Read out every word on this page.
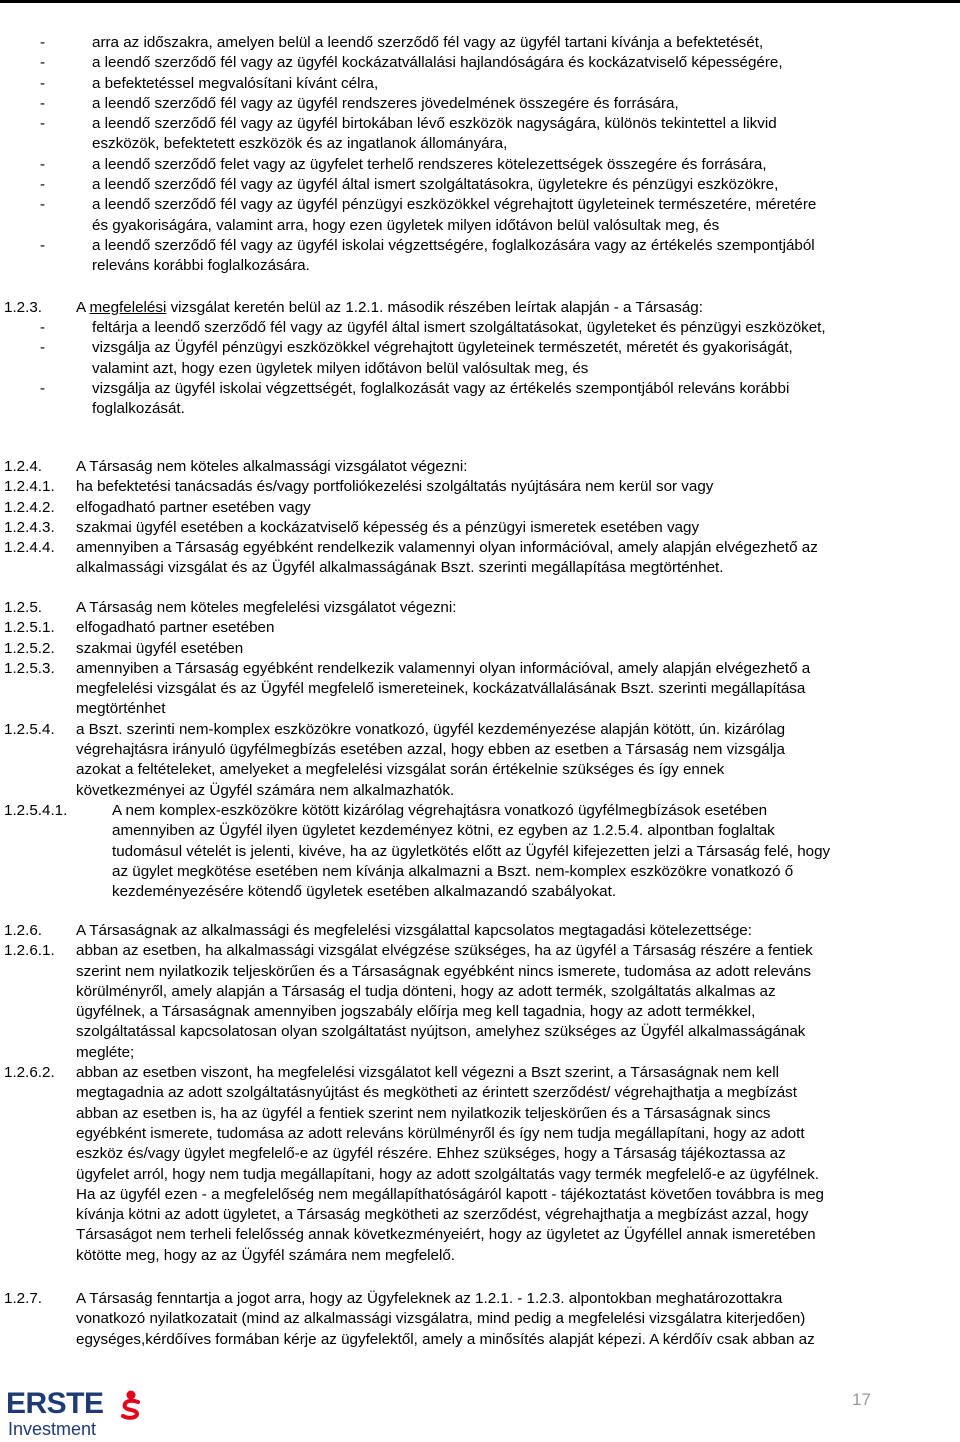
-	arra az időszakra, amelyen belül a leendő szerződő fél vagy az ügyfél tartani kívánja a befektetését,
-	a leendő szerződő fél vagy az ügyfél kockázatvállalási hajlandóságára és kockázatviselő képességére,
-	a befektetéssel megvalósítani kívánt célra,
-	a leendő szerződő fél vagy az ügyfél rendszeres jövedelmének összegére és forrására,
-	a leendő szerződő fél vagy az ügyfél birtokában lévő eszközök nagyságára, különös tekintettel a likvid
eszközök, befektetett eszközök és az ingatlanok állományára,
-	a leendő szerződő felet vagy az ügyfelet terhelő rendszeres kötelezettségek összegére és forrására,
-	a leendő szerződő fél vagy az ügyfél által ismert szolgáltatásokra, ügyletekre és pénzügyi eszközökre,
-	a leendő szerződő fél vagy az ügyfél pénzügyi eszközökkel végrehajtott ügyleteinek természetére, méretére
és gyakoriságára, valamint arra, hogy ezen ügyletek milyen időtávon belül valósultak meg, és
-	a leendő szerződő fél vagy az ügyfél iskolai végzettségére, foglalkozására vagy az értékelés szempontjából
releváns korábbi foglalkozására.
1.2.3.	A megfelelési vizsgálat keretén belül az 1.2.1. második részében leírtak alapján - a Társaság:
-	feltárja a leendő szerződő fél vagy az ügyfél által ismert szolgáltatásokat, ügyleteket és pénzügyi eszközöket,
-	vizsgálja az Ügyfél pénzügyi eszközökkel végrehajtott ügyleteinek természetét, méretét és gyakoriságát,
valamint azt, hogy ezen ügyletek milyen időtávon belül valósultak meg, és
-	vizsgálja az ügyfél iskolai végzettségét, foglalkozását vagy az értékelés szempontjából releváns korábbi
foglalkozását.
1.2.4.	A Társaság nem köteles alkalmassági vizsgálatot végezni:
1.2.4.1.	ha befektetési tanácsadás és/vagy portfoliókezelési szolgáltatás nyújtására nem kerül sor vagy
1.2.4.2.	elfogadható partner esetében vagy
1.2.4.3.	szakmai ügyfél esetében a kockázatviselő képesség és a pénzügyi ismeretek esetében vagy
1.2.4.4.	amennyiben a Társaság egyébként rendelkezik valamennyi olyan információval, amely alapján elvégezhető az
alkalmassági vizsgálat és az Ügyfél alkalmasságának Bszt. szerinti megállapítása megtörténhet.
1.2.5.	A Társaság nem köteles megfelelési vizsgálatot végezni:
1.2.5.1.	elfogadható partner esetében
1.2.5.2.	szakmai ügyfél esetében
1.2.5.3.	amennyiben a Társaság egyébként rendelkezik valamennyi olyan információval, amely alapján elvégezhető a
megfelelési vizsgálat és az Ügyfél megfelelő ismereteinek, kockázatvállalásának Bszt. szerinti megállapítása
megtörténhet
1.2.5.4.	a Bszt. szerinti nem-komplex eszközökre vonatkozó, ügyfél kezdeményezése alapján kötött, ún. kizárólag
végrehajtásra irányuló ügyfélmegbízás esetében azzal, hogy ebben az esetben a Társaság nem vizsgálja
azokat a feltételeket, amelyeket a megfelelési vizsgálat során értékelnie szükséges és így ennek
következményei az Ügyfél számára nem alkalmazhatók.
1.2.5.4.1.	A nem komplex-eszközökre kötött kizárólag végrehajtásra vonatkozó ügyfélmegbízások esetében
amennyiben az Ügyfél ilyen ügyletet kezdeményez kötni, ez egyben az 1.2.5.4. alpontban foglaltak
tudomásul vételét is jelenti, kivéve, ha az ügyletkötés előtt az Ügyfél kifejezetten jelzi a Társaság felé, hogy
az ügylet megkötése esetében nem kívánja alkalmazni a Bszt. nem-komplex eszközökre vonatkozó ő
kezdeményezésére kötendő ügyletek esetében alkalmazandó szabályokat.
1.2.6.	A Társaságnak az alkalmassági és megfelelési vizsgálattal kapcsolatos megtagadási kötelezettsége:
1.2.6.1.	abban az esetben, ha alkalmassági vizsgálat elvégzése szükséges, ha az ügyfél a Társaság részére a fentiek
szerint nem nyilatkozik teljeskörűen és a Társaságnak egyébként nincs ismerete, tudomása az adott releváns
körülményről, amely alapján a Társaság el tudja dönteni, hogy az adott termék, szolgáltatás alkalmas az
ügyfélnek, a Társaságnak amennyiben jogszabály előírja meg kell tagadnia, hogy az adott termékkel,
szolgáltatással kapcsolatosan olyan szolgáltatást nyújtson, amelyhez szükséges az Ügyfél alkalmasságának
megléte;
1.2.6.2.	abban az esetben viszont, ha megfelelési vizsgálatot kell végezni a Bszt szerint, a Társaságnak nem kell
megtagadnia az adott szolgáltatásnyújtást és megkötheti az érintett szerződést/ végrehajthatja a megbízást
abban az esetben is, ha az ügyfél a fentiek szerint nem nyilatkozik teljeskörűen és a Társaságnak sincs
egyébként ismerete, tudomása az adott releváns körülményről és így nem tudja megállapítani, hogy az adott
eszköz és/vagy ügylet megfelelő-e az ügyfél részére. Ehhez szükséges, hogy a Társaság tájékoztassa az
ügyfelet arról, hogy nem tudja megállapítani, hogy az adott szolgáltatás vagy termék megfelelő-e az ügyfélnek.
Ha az ügyfél ezen - a megfelelőség nem megállapíthatóságáról kapott - tájékoztatást követően továbbra is meg
kívánja kötni az adott ügyletet, a Társaság megkötheti az szerződést, végrehajthatja a megbízást azzal, hogy
Társaságot nem terheli felelősség annak következményeiért, hogy az ügyletet az Ügyféllel annak ismeretében
kötötte meg, hogy az az Ügyfél számára nem megfelelő.
1.2.7.	A Társaság fenntartja a jogot arra, hogy az Ügyfeleknek az 1.2.1. - 1.2.3. alpontokban meghatározottakra
vonatkozó nyilatkozatait (mind az alkalmassági vizsgálatra, mind pedig a megfelelési vizsgálatra kiterjedően)
egységes,kérdőíves formában kérje az ügyfelektől, amely a minősítés alapját képezi. A kérdőív csak abban az
ERSTE
Investment
17
